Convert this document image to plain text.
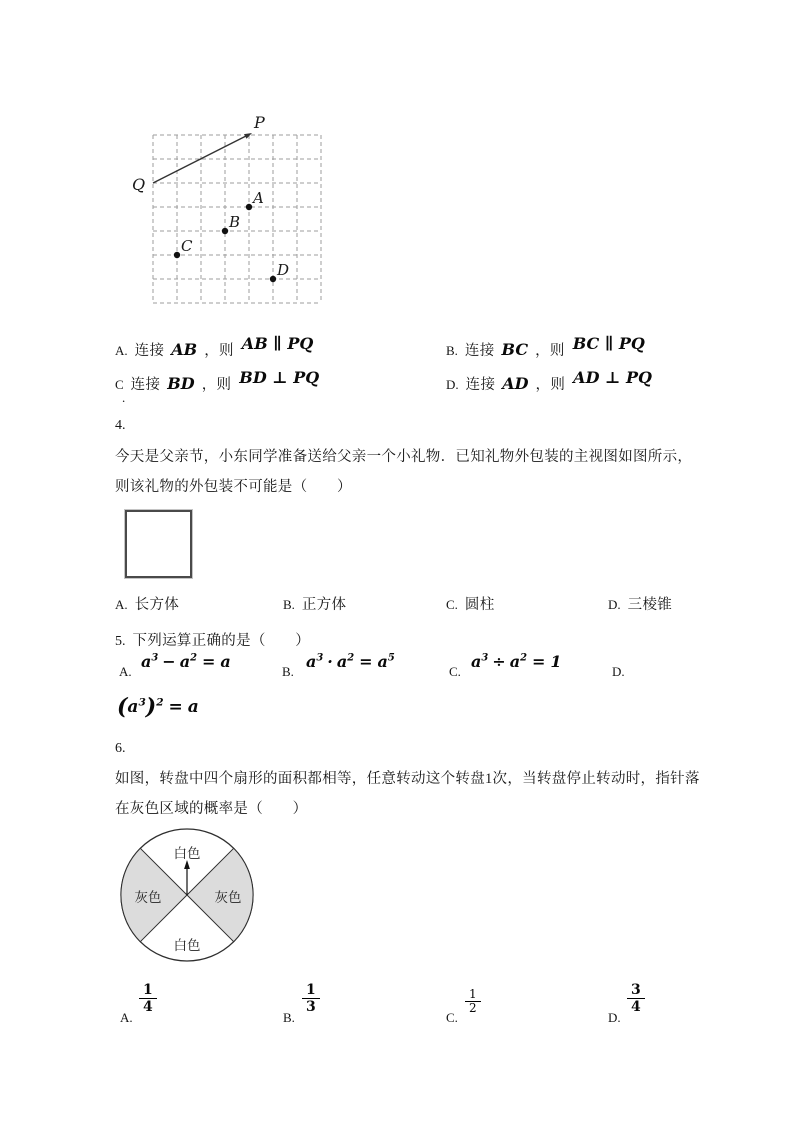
P
Q
A
B
C
D
A. 连接 AB ，则 AB ∥ PQ	B. 连接 BC ，则 BC ∥ PQ
C 连接 BD ，则 BD ⊥ PQ
.
D. 连接 AD ，则 AD ⊥ PQ
4.
今天是父亲节，小东同学准备送给父亲一个小礼物．已知礼物外包装的主视图如图所示，
则该礼物的外包装不可能是（　　）
A. 长方体	B. 正方体	C. 圆柱	D. 三棱锥
5. 下列运算正确的是（　　）
A.
$a^3 - a^2 = a$
B.
$a^3 \cdot a^2 = a^5$
C.
$a^3 \div a^2 = 1$
D.
$(a^3)^2 = a$
6.
如图，转盘中四个扇形的面积都相等，任意转动这个转盘1次，当转盘停止转动时，指针落
在灰色区域的概率是（　　）
白色
灰色	灰色
白色
A.
$\frac{1}{4}$
B.
$\frac{1}{3}$
C.
$\frac{1}{2}$
D.
$\frac{3}{4}$
